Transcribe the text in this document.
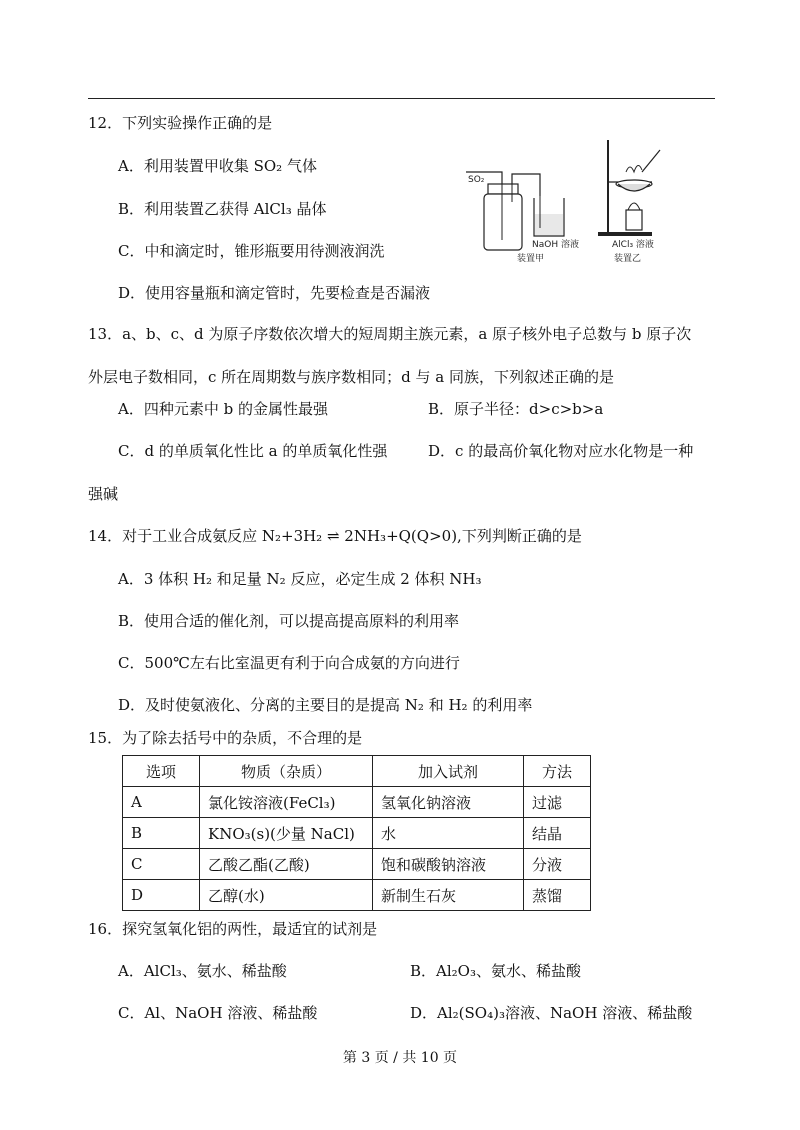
12．下列实验操作正确的是
A．利用装置甲收集 SO₂ 气体
B．利用装置乙获得 AlCl₃ 晶体
C．中和滴定时，锥形瓶要用待测液润洗
D．使用容量瓶和滴定管时，先要检查是否漏液
SO₂
NaOH 溶液
装置甲
AlCl₃ 溶液
装置乙
13．a、b、c、d 为原子序数依次增大的短周期主族元素，a 原子核外电子总数与 b 原子次
外层电子数相同，c 所在周期数与族序数相同；d 与 a 同族，下列叙述正确的是
A．四种元素中 b 的金属性最强	B．原子半径：d>c>b>a
C．d 的单质氧化性比 a 的单质氧化性强	D．c 的最高价氧化物对应水化物是一种
强碱
14．对于工业合成氨反应 N₂+3H₂ ⇌ 2NH₃+Q(Q>0),下列判断正确的是
A．3 体积 H₂ 和足量 N₂ 反应，必定生成 2 体积 NH₃
B．使用合适的催化剂，可以提高提高原料的利用率
C．500℃左右比室温更有利于向合成氨的方向进行
D．及时使氨液化、分离的主要目的是提高 N₂ 和 H₂ 的利用率
15．为了除去括号中的杂质，不合理的是
选项	物质（杂质）	加入试剂	方法
A	氯化铵溶液(FeCl₃)	氢氧化钠溶液	过滤
B	KNO₃(s)(少量 NaCl)	水	结晶
C	乙酸乙酯(乙酸)	饱和碳酸钠溶液	分液
D	乙醇(水)	新制生石灰	蒸馏
16．探究氢氧化铝的两性，最适宜的试剂是
A．AlCl₃、氨水、稀盐酸	B．Al₂O₃、氨水、稀盐酸
C．Al、NaOH 溶液、稀盐酸	D．Al₂(SO₄)₃溶液、NaOH 溶液、稀盐酸
第 3 页 / 共 10 页
